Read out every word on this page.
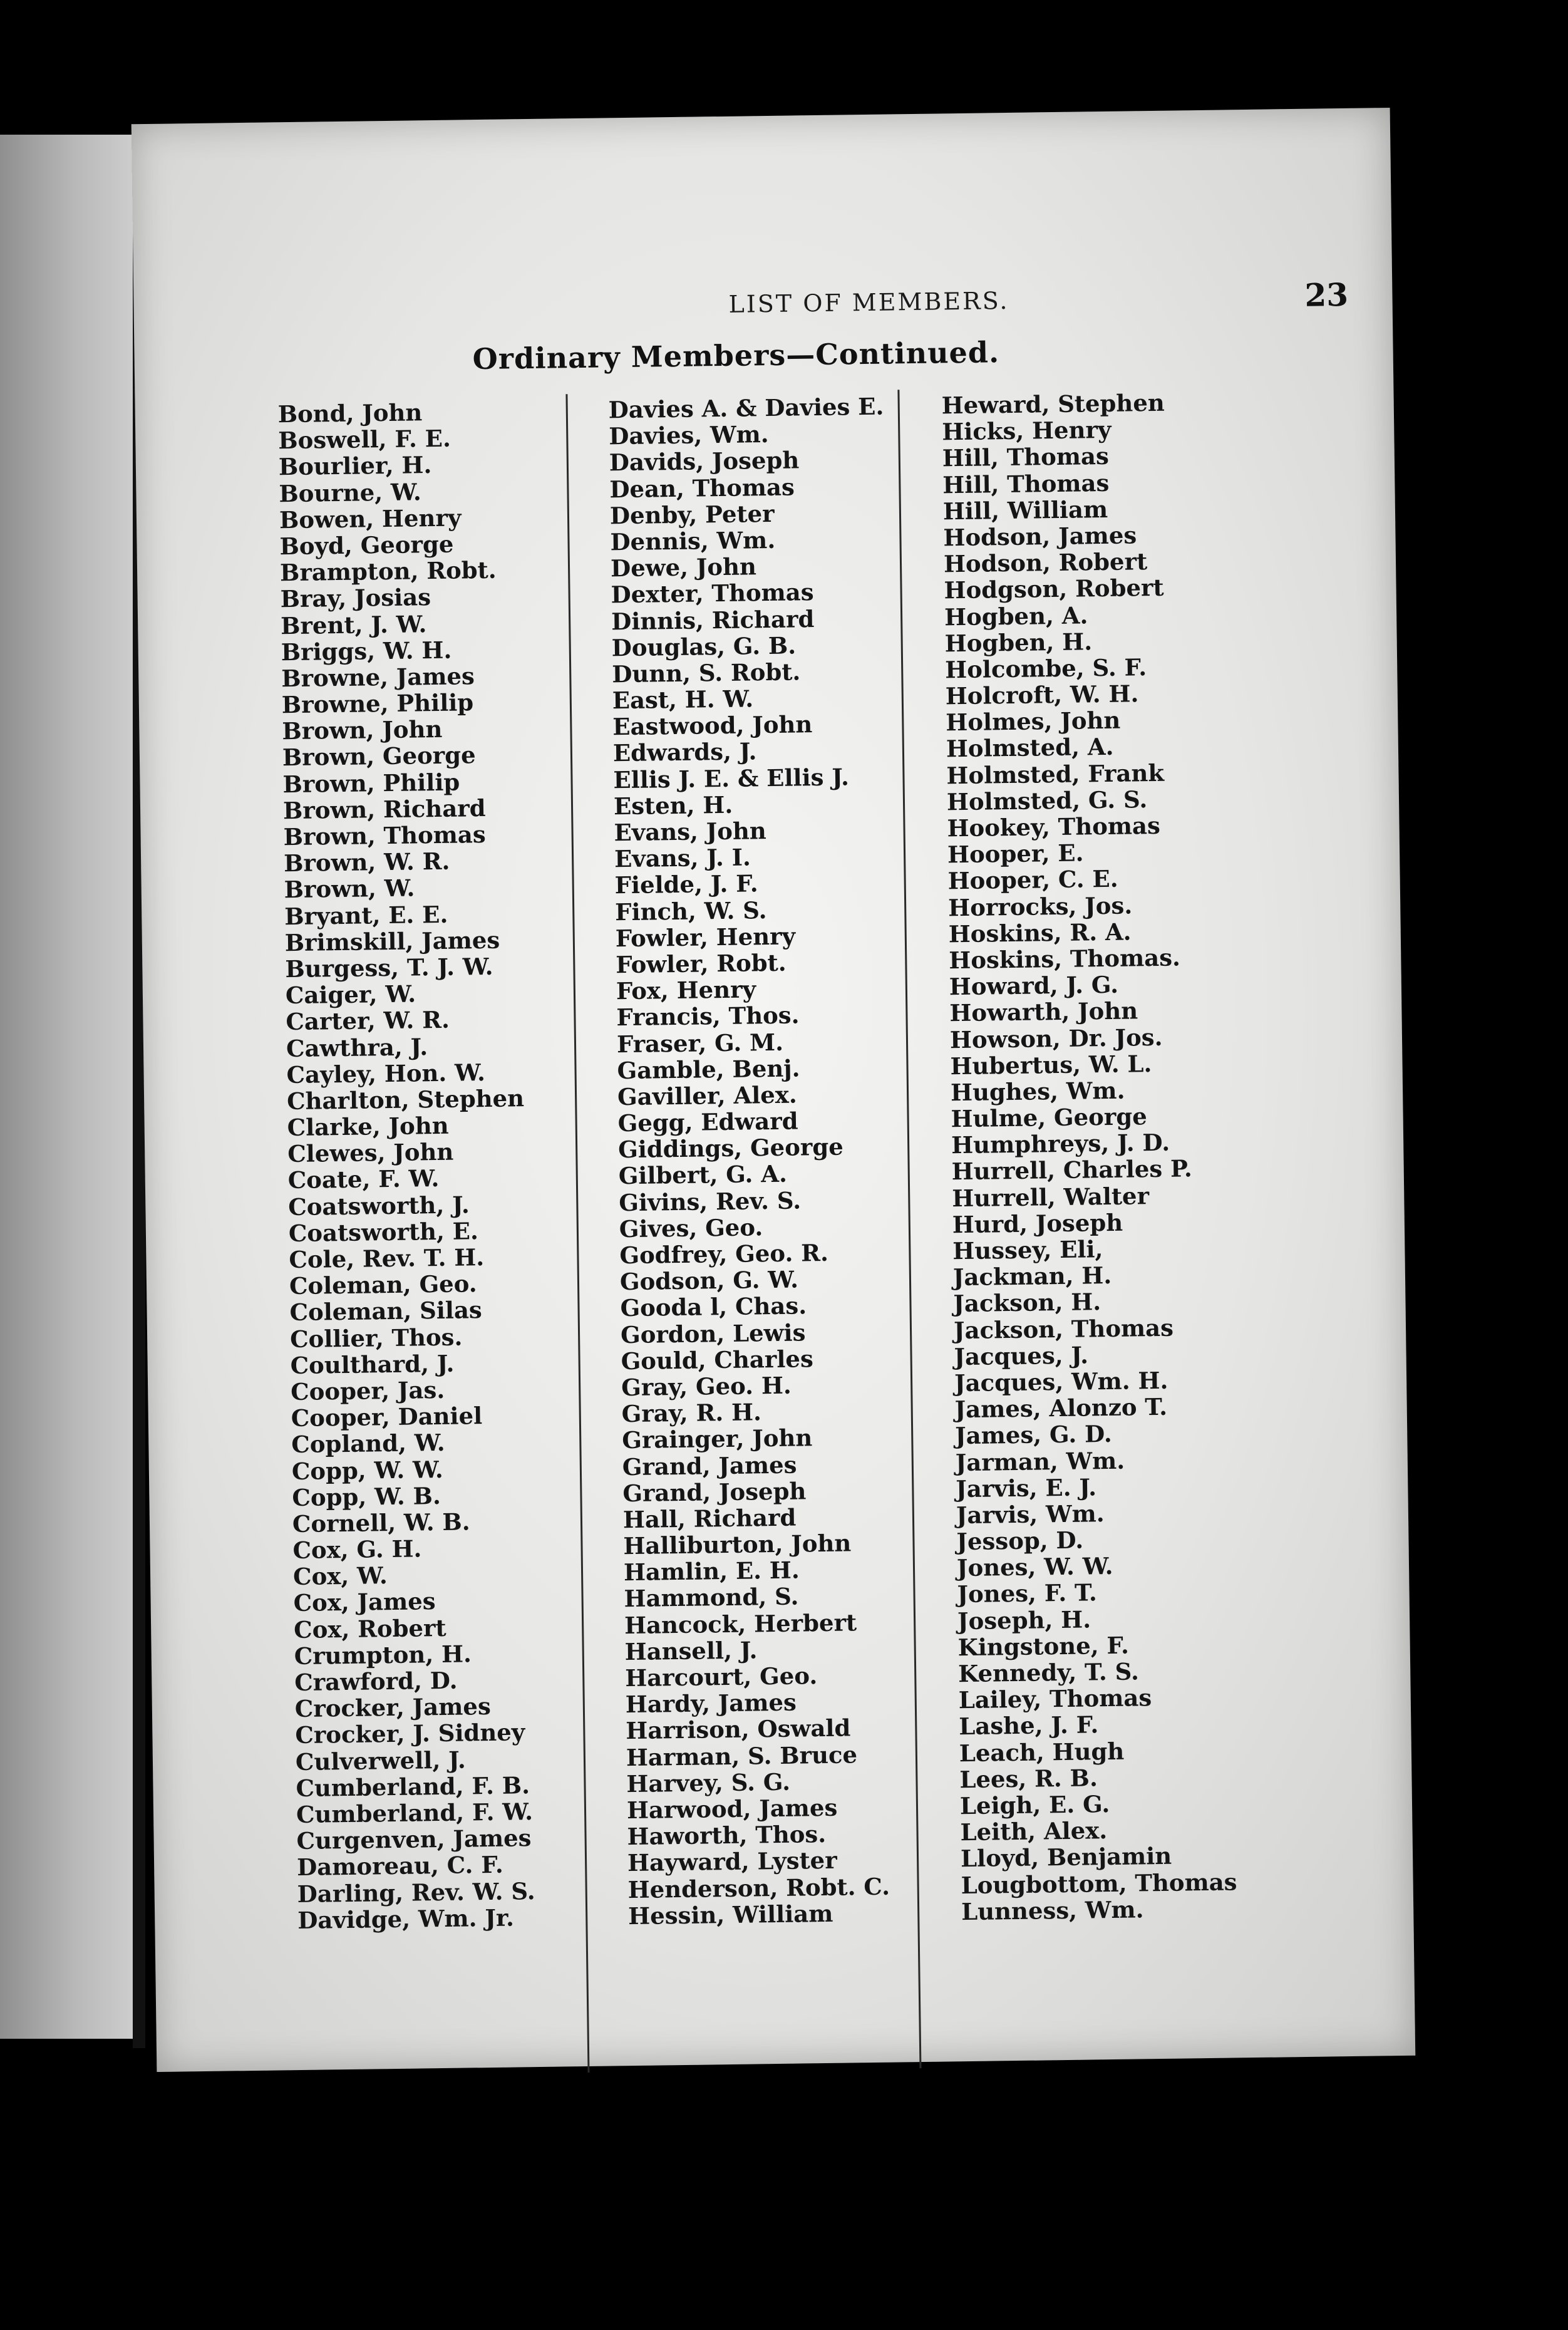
LIST OF MEMBERS.	23
Ordinary Members—Continued.
Bond, John
Boswell, F. E.
Bourlier, H.
Bourne, W.
Bowen, Henry
Boyd, George
Brampton, Robt.
Bray, Josias
Brent, J. W.
Briggs, W. H.
Browne, James
Browne, Philip
Brown, John
Brown, George
Brown, Philip
Brown, Richard
Brown, Thomas
Brown, W. R.
Brown, W.
Bryant, E. E.
Brimskill, James
Burgess, T. J. W.
Caiger, W.
Carter, W. R.
Cawthra, J.
Cayley, Hon. W.
Charlton, Stephen
Clarke, John
Clewes, John
Coate, F. W.
Coatsworth, J.
Coatsworth, E.
Cole, Rev. T. H.
Coleman, Geo.
Coleman, Silas
Collier, Thos.
Coulthard, J.
Cooper, Jas.
Cooper, Daniel
Copland, W.
Copp, W. W.
Copp, W. B.
Cornell, W. B.
Cox, G. H.
Cox, W.
Cox, James
Cox, Robert
Crumpton, H.
Crawford, D.
Crocker, James
Crocker, J. Sidney
Culverwell, J.
Cumberland, F. B.
Cumberland, F. W.
Curgenven, James
Damoreau, C. F.
Darling, Rev. W. S.
Davidge, Wm. Jr.
Davies A. & Davies E.
Davies, Wm.
Davids, Joseph
Dean, Thomas
Denby, Peter
Dennis, Wm.
Dewe, John
Dexter, Thomas
Dinnis, Richard
Douglas, G. B.
Dunn, S. Robt.
East, H. W.
Eastwood, John
Edwards, J.
Ellis J. E. & Ellis J.
Esten, H.
Evans, John
Evans, J. I.
Fielde, J. F.
Finch, W. S.
Fowler, Henry
Fowler, Robt.
Fox, Henry
Francis, Thos.
Fraser, G. M.
Gamble, Benj.
Gaviller, Alex.
Gegg, Edward
Giddings, George
Gilbert, G. A.
Givins, Rev. S.
Gives, Geo.
Godfrey, Geo. R.
Godson, G. W.
Gooda l, Chas.
Gordon, Lewis
Gould, Charles
Gray, Geo. H.
Gray, R. H.
Grainger, John
Grand, James
Grand, Joseph
Hall, Richard
Halliburton, John
Hamlin, E. H.
Hammond, S.
Hancock, Herbert
Hansell, J.
Harcourt, Geo.
Hardy, James
Harrison, Oswald
Harman, S. Bruce
Harvey, S. G.
Harwood, James
Haworth, Thos.
Hayward, Lyster
Henderson, Robt. C.
Hessin, William
Heward, Stephen
Hicks, Henry
Hill, Thomas
Hill, Thomas
Hill, William
Hodson, James
Hodson, Robert
Hodgson, Robert
Hogben, A.
Hogben, H.
Holcombe, S. F.
Holcroft, W. H.
Holmes, John
Holmsted, A.
Holmsted, Frank
Holmsted, G. S.
Hookey, Thomas
Hooper, E.
Hooper, C. E.
Horrocks, Jos.
Hoskins, R. A.
Hoskins, Thomas.
Howard, J. G.
Howarth, John
Howson, Dr. Jos.
Hubertus, W. L.
Hughes, Wm.
Hulme, George
Humphreys, J. D.
Hurrell, Charles P.
Hurrell, Walter
Hurd, Joseph
Hussey, Eli,
Jackman, H.
Jackson, H.
Jackson, Thomas
Jacques, J.
Jacques, Wm. H.
James, Alonzo T.
James, G. D.
Jarman, Wm.
Jarvis, E. J.
Jarvis, Wm.
Jessop, D.
Jones, W. W.
Jones, F. T.
Joseph, H.
Kingstone, F.
Kennedy, T. S.
Lailey, Thomas
Lashe, J. F.
Leach, Hugh
Lees, R. B.
Leigh, E. G.
Leith, Alex.
Lloyd, Benjamin
Lougbottom, Thomas
Lunness, Wm.
